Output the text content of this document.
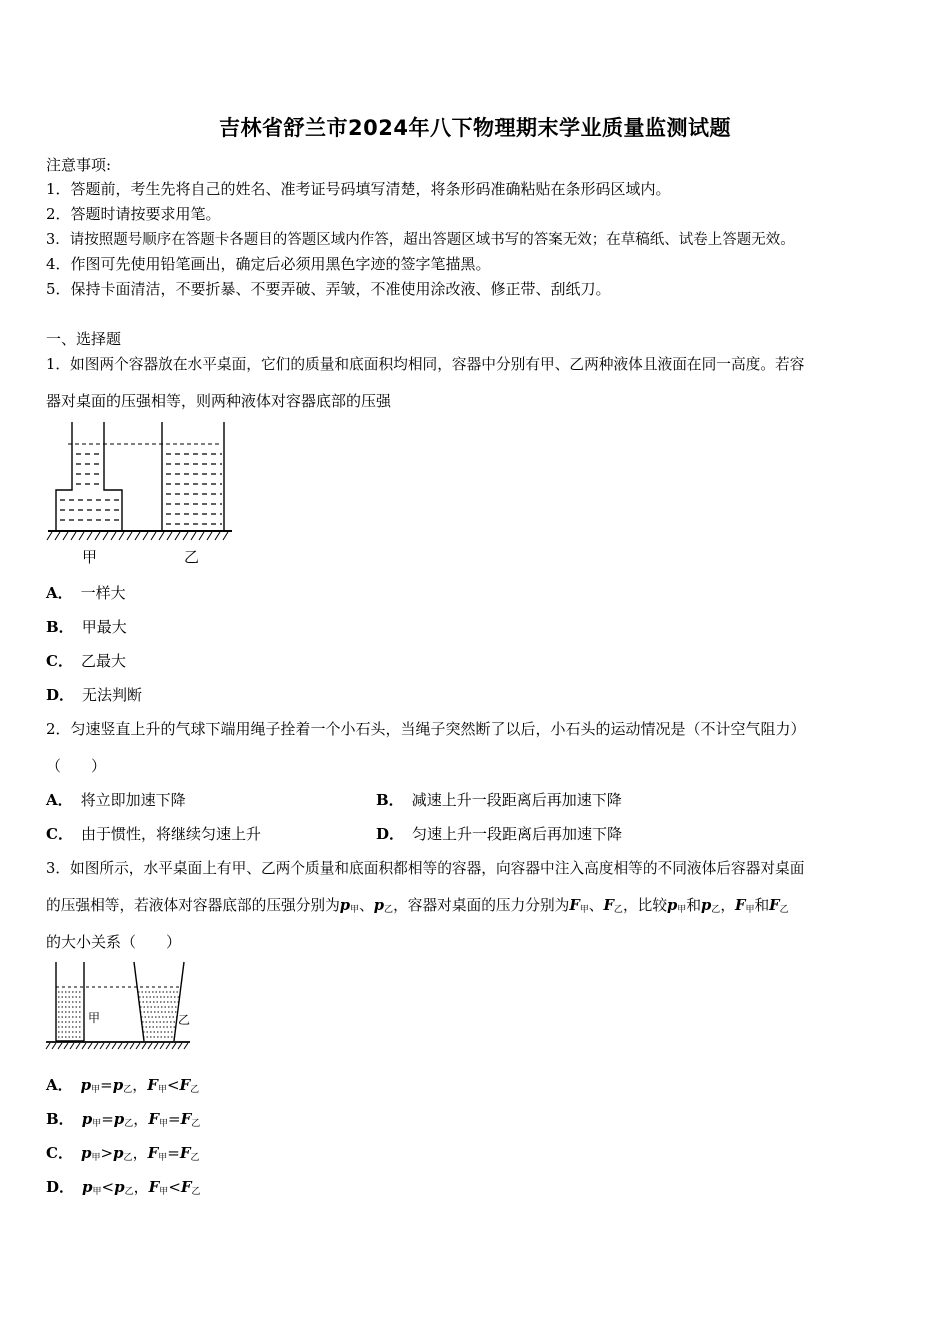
吉林省舒兰市2024年八下物理期末学业质量监测试题
注意事项:
1．答题前，考生先将自己的姓名、准考证号码填写清楚，将条形码准确粘贴在条形码区域内。
2．答题时请按要求用笔。
3．请按照题号顺序在答题卡各题目的答题区域内作答，超出答题区域书写的答案无效；在草稿纸、试卷上答题无效。
4．作图可先使用铅笔画出，确定后必须用黑色字迹的签字笔描黑。
5．保持卡面清洁，不要折暴、不要弄破、弄皱，不准使用涂改液、修正带、刮纸刀。
一、选择题
1．如图两个容器放在水平桌面，它们的质量和底面积均相同，容器中分别有甲、乙两种液体且液面在同一高度。若容
器对桌面的压强相等，则两种液体对容器底部的压强
甲	乙
A． 一样大
B． 甲最大
C． 乙最大
D． 无法判断
2．匀速竖直上升的气球下端用绳子拴着一个小石头，当绳子突然断了以后，小石头的运动情况是（不计空气阻力）
（　　）
A． 将立即加速下降	B． 减速上升一段距离后再加速下降
C． 由于惯性，将继续匀速上升	D． 匀速上升一段距离后再加速下降
3．如图所示，水平桌面上有甲、乙两个质量和底面积都相等的容器，向容器中注入高度相等的不同液体后容器对桌面
的压强相等，若液体对容器底部的压强分别为$p_甲$、$p_乙$，容器对桌面的压力分别为$F_甲$、$F_乙$，比较$p_甲$和$p_乙$，$F_甲$和$F_乙$
的大小关系（　　）
甲	乙
A． $p_甲=p_乙$，$F_甲<F_乙$
B． $p_甲=p_乙$，$F_甲=F_乙$
C． $p_甲>p_乙$，$F_甲=F_乙$
D． $p_甲<p_乙$，$F_甲<F_乙$
